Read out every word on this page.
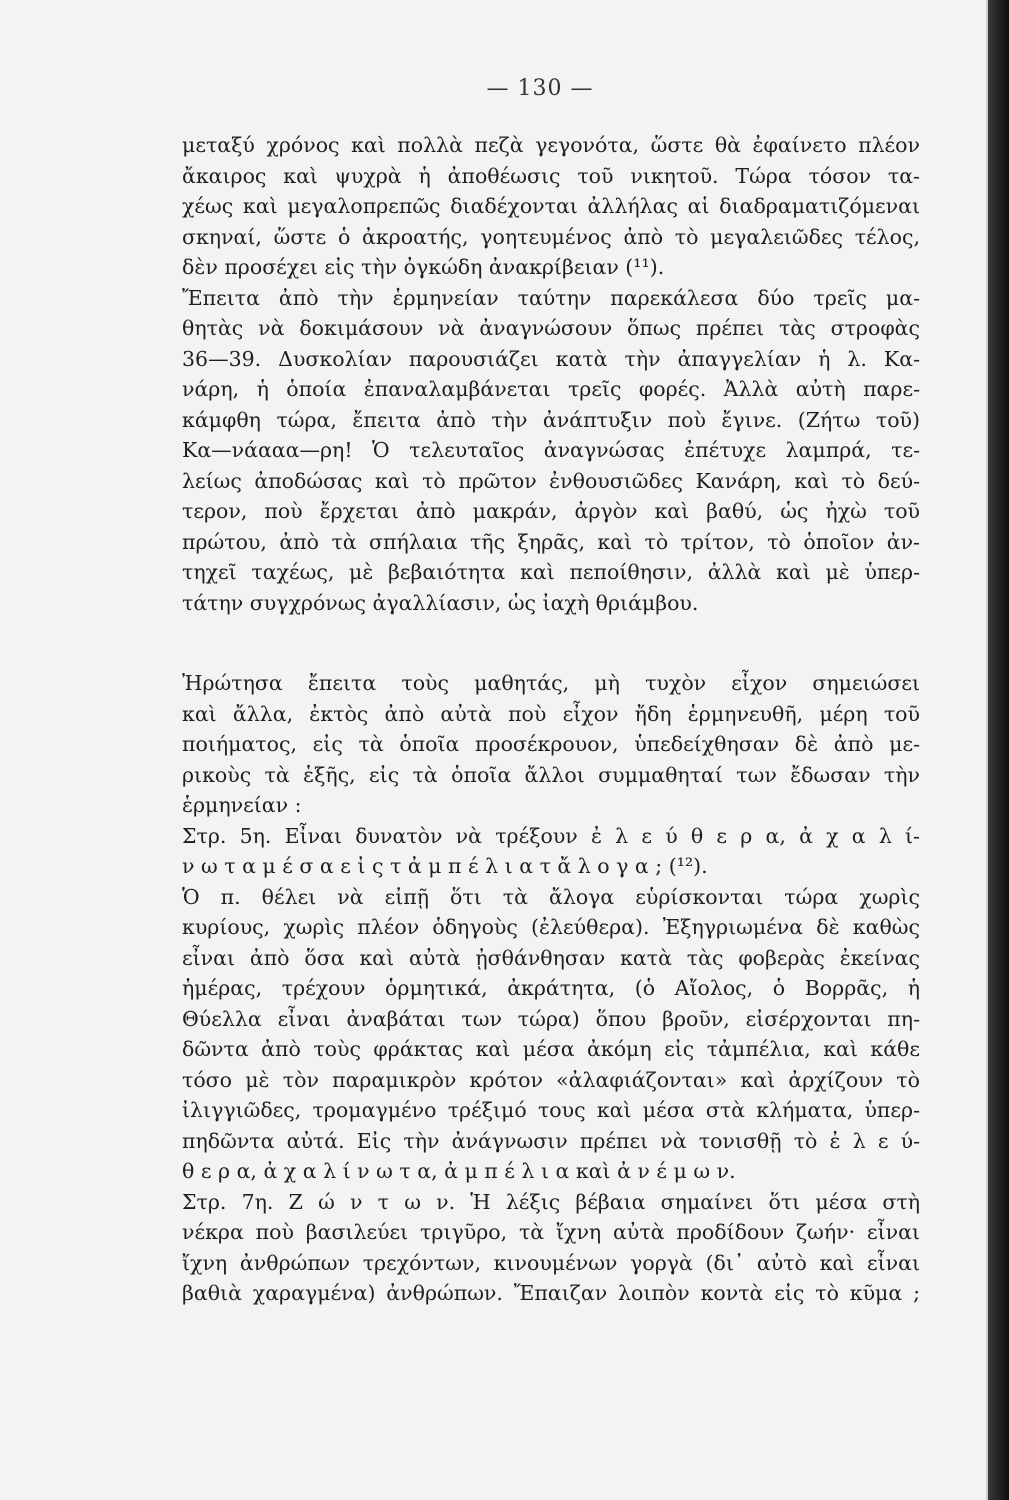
— 130 —
μεταξύ χρόνος καὶ πολλὰ πεζὰ γεγονότα, ὥστε θὰ ἐφαίνετο πλέον
ἄκαιρος καὶ ψυχρὰ ἡ ἀποθέωσις τοῦ νικητοῦ. Τώρα τόσον τα-
χέως καὶ μεγαλοπρεπῶς διαδέχονται ἀλλήλας αἱ διαδραματιζόμεναι
σκηναί, ὥστε ὁ ἀκροατής, γοητευμένος ἀπὸ τὸ μεγαλειῶδες τέλος,
δὲν προσέχει εἰς τὴν ὀγκώδη ἀνακρίβειαν (¹¹).
Ἔπειτα ἀπὸ τὴν ἑρμηνείαν ταύτην παρεκάλεσα δύο τρεῖς μα-
θητὰς νὰ δοκιμάσουν νὰ ἀναγνώσουν ὅπως πρέπει τὰς στροφὰς
36—39. Δυσκολίαν παρουσιάζει κατὰ τὴν ἀπαγγελίαν ἡ λ. Κα-
νάρη, ἡ ὁποία ἐπαναλαμβάνεται τρεῖς φορές. Ἀλλὰ αὐτὴ παρε-
κάμφθη τώρα, ἔπειτα ἀπὸ τὴν ἀνάπτυξιν ποὺ ἔγινε. (Ζήτω τοῦ)
Κα—νάααα—ρη! Ὁ τελευταῖος ἀναγνώσας ἐπέτυχε λαμπρά, τε-
λείως ἀποδώσας καὶ τὸ πρῶτον ἐνθουσιῶδες Κανάρη, καὶ τὸ δεύ-
τερον, ποὺ ἔρχεται ἀπὸ μακράν, ἀργὸν καὶ βαθύ, ὡς ἠχὼ τοῦ
πρώτου, ἀπὸ τὰ σπήλαια τῆς ξηρᾶς, καὶ τὸ τρίτον, τὸ ὁποῖον ἀν-
τηχεῖ ταχέως, μὲ βεβαιότητα καὶ πεποίθησιν, ἀλλὰ καὶ μὲ ὑπερ-
τάτην συγχρόνως ἀγαλλίασιν, ὡς ἰαχὴ θριάμβου.
Ἠρώτησα ἔπειτα τοὺς μαθητάς, μὴ τυχὸν εἶχον σημειώσει
καὶ ἄλλα, ἐκτὸς ἀπὸ αὐτὰ ποὺ εἶχον ἤδη ἑρμηνευθῆ, μέρη τοῦ
ποιήματος, εἰς τὰ ὁποῖα προσέκρουον, ὑπεδείχθησαν δὲ ἀπὸ με-
ρικοὺς τὰ ἑξῆς, εἰς τὰ ὁποῖα ἄλλοι συμμαθηταί των ἔδωσαν τὴν
ἑρμηνείαν :
Στρ. 5η. Εἶναι δυνατὸν νὰ τρέξουν ἐ λ ε ύ θ ε ρ α, ἀ χ α λ ί-
ν ω τ α μ έ σ α ε ἰ ς τ ἀ μ π έ λ ι α τ ἄ λ ο γ α ; (¹²).
Ὁ π. θέλει νὰ εἰπῇ ὅτι τὰ ἄλογα εὑρίσκονται τώρα χωρὶς
κυρίους, χωρὶς πλέον ὁδηγοὺς (ἐλεύθερα). Ἐξηγριωμένα δὲ καθὼς
εἶναι ἀπὸ ὅσα καὶ αὐτὰ ᾐσθάνθησαν κατὰ τὰς φοβερὰς ἐκείνας
ἡμέρας, τρέχουν ὁρμητικά, ἀκράτητα, (ὁ Αἴολος, ὁ Βορρᾶς, ἡ
Θύελλα εἶναι ἀναβάται των τώρα) ὅπου βροῦν, εἰσέρχονται πη-
δῶντα ἀπὸ τοὺς φράκτας καὶ μέσα ἀκόμη εἰς τἀμπέλια, καὶ κάθε
τόσο μὲ τὸν παραμικρὸν κρότον «ἀλαφιάζονται» καὶ ἀρχίζουν τὸ
ἰλιγγιῶδες, τρομαγμένο τρέξιμό τους καὶ μέσα στὰ κλήματα, ὑπερ-
πηδῶντα αὐτά. Εἰς τὴν ἀνάγνωσιν πρέπει νὰ τονισθῇ τὸ ἐ λ ε ύ-
θ ε ρ α, ἀ χ α λ ί ν ω τ α, ἀ μ π έ λ ι α καὶ ἀ ν έ μ ω ν.
Στρ. 7η. Ζ ώ ν τ ω ν. Ἡ λέξις βέβαια σημαίνει ὅτι μέσα στὴ
νέκρα ποὺ βασιλεύει τριγῦρο, τὰ ἴχνη αὐτὰ προδίδουν ζωήν· εἶναι
ἴχνη ἀνθρώπων τρεχόντων, κινουμένων γοργὰ (δι᾽ αὐτὸ καὶ εἶναι
βαθιὰ χαραγμένα) ἀνθρώπων. Ἔπαιζαν λοιπὸν κοντὰ εἰς τὸ κῦμα ;
